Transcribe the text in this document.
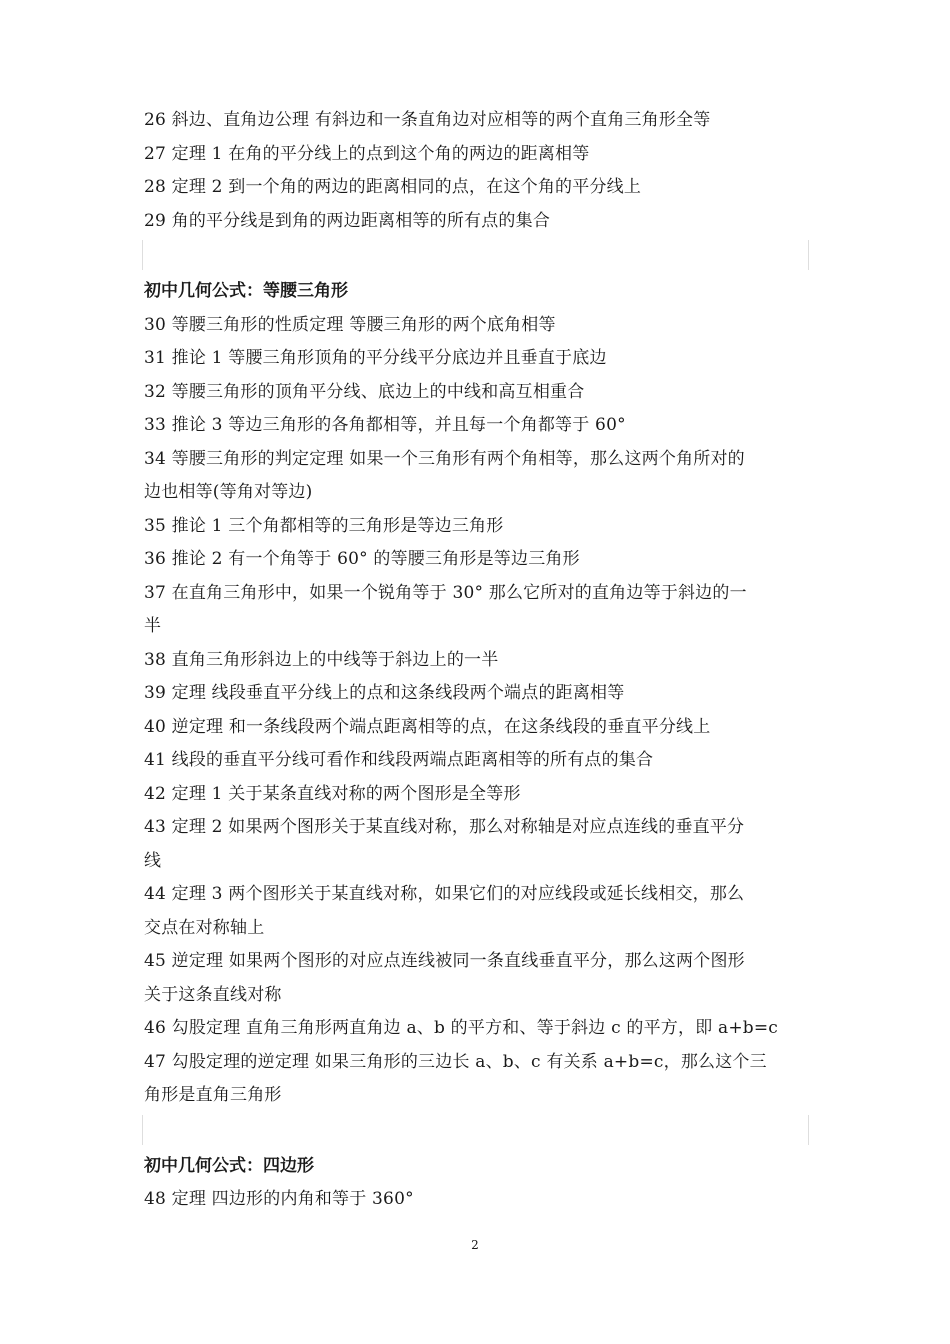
26 斜边、直角边公理 有斜边和一条直角边对应相等的两个直角三角形全等
27 定理 1 在角的平分线上的点到这个角的两边的距离相等
28 定理 2 到一个角的两边的距离相同的点，在这个角的平分线上
29 角的平分线是到角的两边距离相等的所有点的集合
初中几何公式：等腰三角形
30 等腰三角形的性质定理 等腰三角形的两个底角相等
31 推论 1 等腰三角形顶角的平分线平分底边并且垂直于底边
32 等腰三角形的顶角平分线、底边上的中线和高互相重合
33 推论 3 等边三角形的各角都相等，并且每一个角都等于 60°
34 等腰三角形的判定定理 如果一个三角形有两个角相等，那么这两个角所对的
边也相等(等角对等边)
35 推论 1 三个角都相等的三角形是等边三角形
36 推论 2 有一个角等于 60° 的等腰三角形是等边三角形
37 在直角三角形中，如果一个锐角等于 30° 那么它所对的直角边等于斜边的一
半
38 直角三角形斜边上的中线等于斜边上的一半
39 定理 线段垂直平分线上的点和这条线段两个端点的距离相等
40 逆定理 和一条线段两个端点距离相等的点，在这条线段的垂直平分线上
41 线段的垂直平分线可看作和线段两端点距离相等的所有点的集合
42 定理 1 关于某条直线对称的两个图形是全等形
43 定理 2 如果两个图形关于某直线对称，那么对称轴是对应点连线的垂直平分
线
44 定理 3 两个图形关于某直线对称，如果它们的对应线段或延长线相交，那么
交点在对称轴上
45 逆定理 如果两个图形的对应点连线被同一条直线垂直平分，那么这两个图形
关于这条直线对称
46 勾股定理 直角三角形两直角边 a、b 的平方和、等于斜边 c 的平方，即 a+b=c
47 勾股定理的逆定理 如果三角形的三边长 a、b、c 有关系 a+b=c，那么这个三
角形是直角三角形
初中几何公式：四边形
48 定理 四边形的内角和等于 360°
2
